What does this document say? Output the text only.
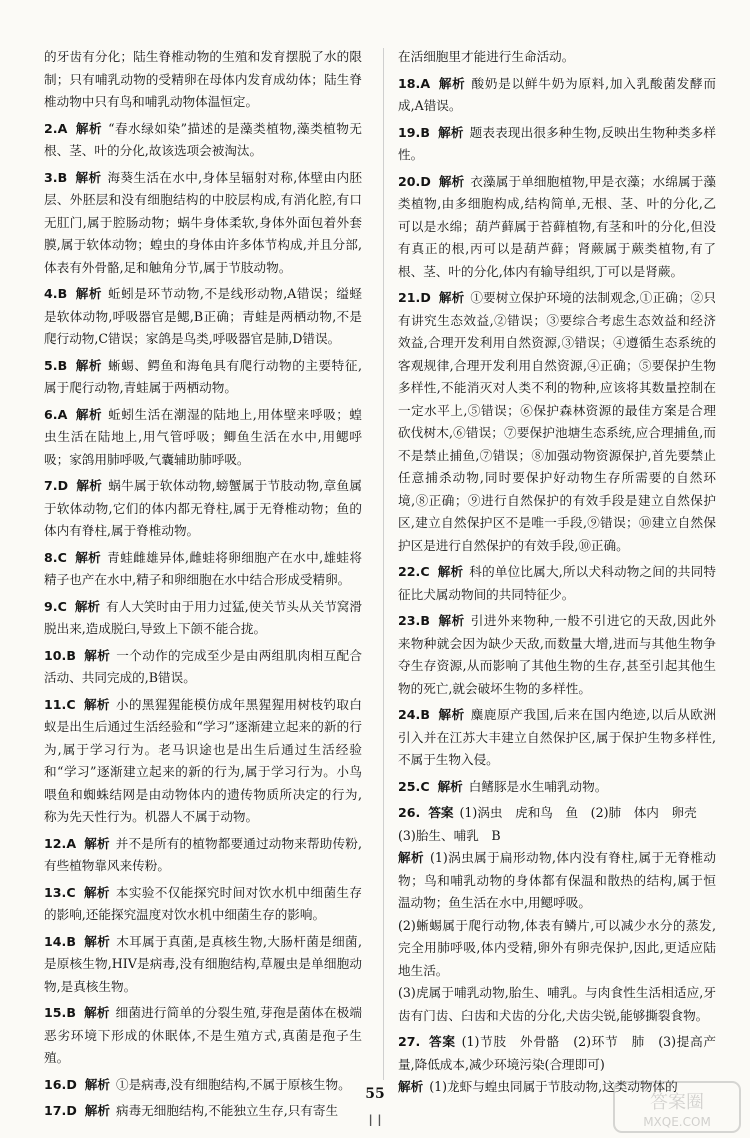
的牙齿有分化；陆生脊椎动物的生殖和发育摆脱了水的限制；只有哺乳动物的受精卵在母体内发育成幼体；陆生脊椎动物中只有鸟和哺乳动物体温恒定。
2.A 解析 “春水绿如染”描述的是藻类植物,藻类植物无根、茎、叶的分化,故该选项会被淘汰。
3.B 解析 海葵生活在水中,身体呈辐射对称,体壁由内胚层、外胚层和没有细胞结构的中胶层构成,有消化腔,有口无肛门,属于腔肠动物；蜗牛身体柔软,身体外面包着外套膜,属于软体动物；蝗虫的身体由许多体节构成,并且分部,体表有外骨骼,足和触角分节,属于节肢动物。
4.B 解析 蚯蚓是环节动物,不是线形动物,A错误；缢蛏是软体动物,呼吸器官是鳃,B正确；青蛙是两栖动物,不是爬行动物,C错误；家鸽是鸟类,呼吸器官是肺,D错误。
5.B 解析 蜥蜴、鳄鱼和海龟具有爬行动物的主要特征,属于爬行动物,青蛙属于两栖动物。
6.A 解析 蚯蚓生活在潮湿的陆地上,用体壁来呼吸；蝗虫生活在陆地上,用气管呼吸；鲫鱼生活在水中,用鳃呼吸；家鸽用肺呼吸,气囊辅助肺呼吸。
7.D 解析 蜗牛属于软体动物,螃蟹属于节肢动物,章鱼属于软体动物,它们的体内都无脊柱,属于无脊椎动物；鱼的体内有脊柱,属于脊椎动物。
8.C 解析 青蛙雌雄异体,雌蛙将卵细胞产在水中,雄蛙将精子也产在水中,精子和卵细胞在水中结合形成受精卵。
9.C 解析 有人大笑时由于用力过猛,使关节头从关节窝滑脱出来,造成脱臼,导致上下颌不能合拢。
10.B 解析 一个动作的完成至少是由两组肌肉相互配合活动、共同完成的,B错误。
11.C 解析 小的黑猩猩能模仿成年黑猩猩用树枝钓取白蚁是出生后通过生活经验和“学习”逐渐建立起来的新的行为,属于学习行为。老马识途也是出生后通过生活经验和“学习”逐渐建立起来的新的行为,属于学习行为。小鸟喂鱼和蜘蛛结网是由动物体内的遗传物质所决定的行为,称为先天性行为。机器人不属于动物。
12.A 解析 并不是所有的植物都要通过动物来帮助传粉,有些植物靠风来传粉。
13.C 解析 本实验不仅能探究时间对饮水机中细菌生存的影响,还能探究温度对饮水机中细菌生存的影响。
14.B 解析 木耳属于真菌,是真核生物,大肠杆菌是细菌,是原核生物,HIV是病毒,没有细胞结构,草履虫是单细胞动物,是真核生物。
15.B 解析 细菌进行简单的分裂生殖,芽孢是菌体在极端恶劣环境下形成的休眠体,不是生殖方式,真菌是孢子生殖。
16.D 解析 ①是病毒,没有细胞结构,不属于原核生物。
17.D 解析 病毒无细胞结构,不能独立生存,只有寄生
在活细胞里才能进行生命活动。
18.A 解析 酸奶是以鲜牛奶为原料,加入乳酸菌发酵而成,A错误。
19.B 解析 题表表现出很多种生物,反映出生物种类多样性。
20.D 解析 衣藻属于单细胞植物,甲是衣藻；水绵属于藻类植物,由多细胞构成,结构简单,无根、茎、叶的分化,乙可以是水绵；葫芦藓属于苔藓植物,有茎和叶的分化,但没有真正的根,丙可以是葫芦藓；肾蕨属于蕨类植物,有了根、茎、叶的分化,体内有输导组织,丁可以是肾蕨。
21.D 解析 ①要树立保护环境的法制观念,①正确；②只有讲究生态效益,②错误；③要综合考虑生态效益和经济效益,合理开发利用自然资源,③错误；④遵循生态系统的客观规律,合理开发利用自然资源,④正确；⑤要保护生物多样性,不能消灭对人类不利的物种,应该将其数量控制在一定水平上,⑤错误；⑥保护森林资源的最佳方案是合理砍伐树木,⑥错误；⑦要保护池塘生态系统,应合理捕鱼,而不是禁止捕鱼,⑦错误；⑧加强动物资源保护,首先要禁止任意捕杀动物,同时要保护好动物生存所需要的自然环境,⑧正确；⑨进行自然保护的有效手段是建立自然保护区,建立自然保护区不是唯一手段,⑨错误；⑩建立自然保护区是进行自然保护的有效手段,⑩正确。
22.C 解析 科的单位比属大,所以犬科动物之间的共同特征比犬属动物间的共同特征少。
23.B 解析 引进外来物种,一般不引进它的天敌,因此外来物种就会因为缺少天敌,而数量大增,进而与其他生物争夺生存资源,从而影响了其他生物的生存,甚至引起其他生物的死亡,就会破坏生物的多样性。
24.B 解析 麋鹿原产我国,后来在国内绝迹,以后从欧洲引入并在江苏大丰建立自然保护区,属于保护生物多样性,不属于生物入侵。
25.C 解析 白鳍豚是水生哺乳动物。
26. 答案 (1)涡虫　虎和鸟　鱼　(2)肺　体内　卵壳
(3)胎生、哺乳　B
解析 (1)涡虫属于扁形动物,体内没有脊柱,属于无脊椎动物；鸟和哺乳动物的身体都有保温和散热的结构,属于恒温动物；鱼生活在水中,用鳃呼吸。
(2)蜥蜴属于爬行动物,体表有鳞片,可以减少水分的蒸发,完全用肺呼吸,体内受精,卵外有卵壳保护,因此,更适应陆地生活。
(3)虎属于哺乳动物,胎生、哺乳。与肉食性生活相适应,牙齿有门齿、臼齿和犬齿的分化,犬齿尖锐,能够撕裂食物。
27. 答案 (1)节肢　外骨骼　(2)环节　肺　(3)提高产量,降低成本,减少环境污染(合理即可)
解析 (1)龙虾与蝗虫同属于节肢动物,这类动物体的
55
l l
答案圈
MXQE.COM
